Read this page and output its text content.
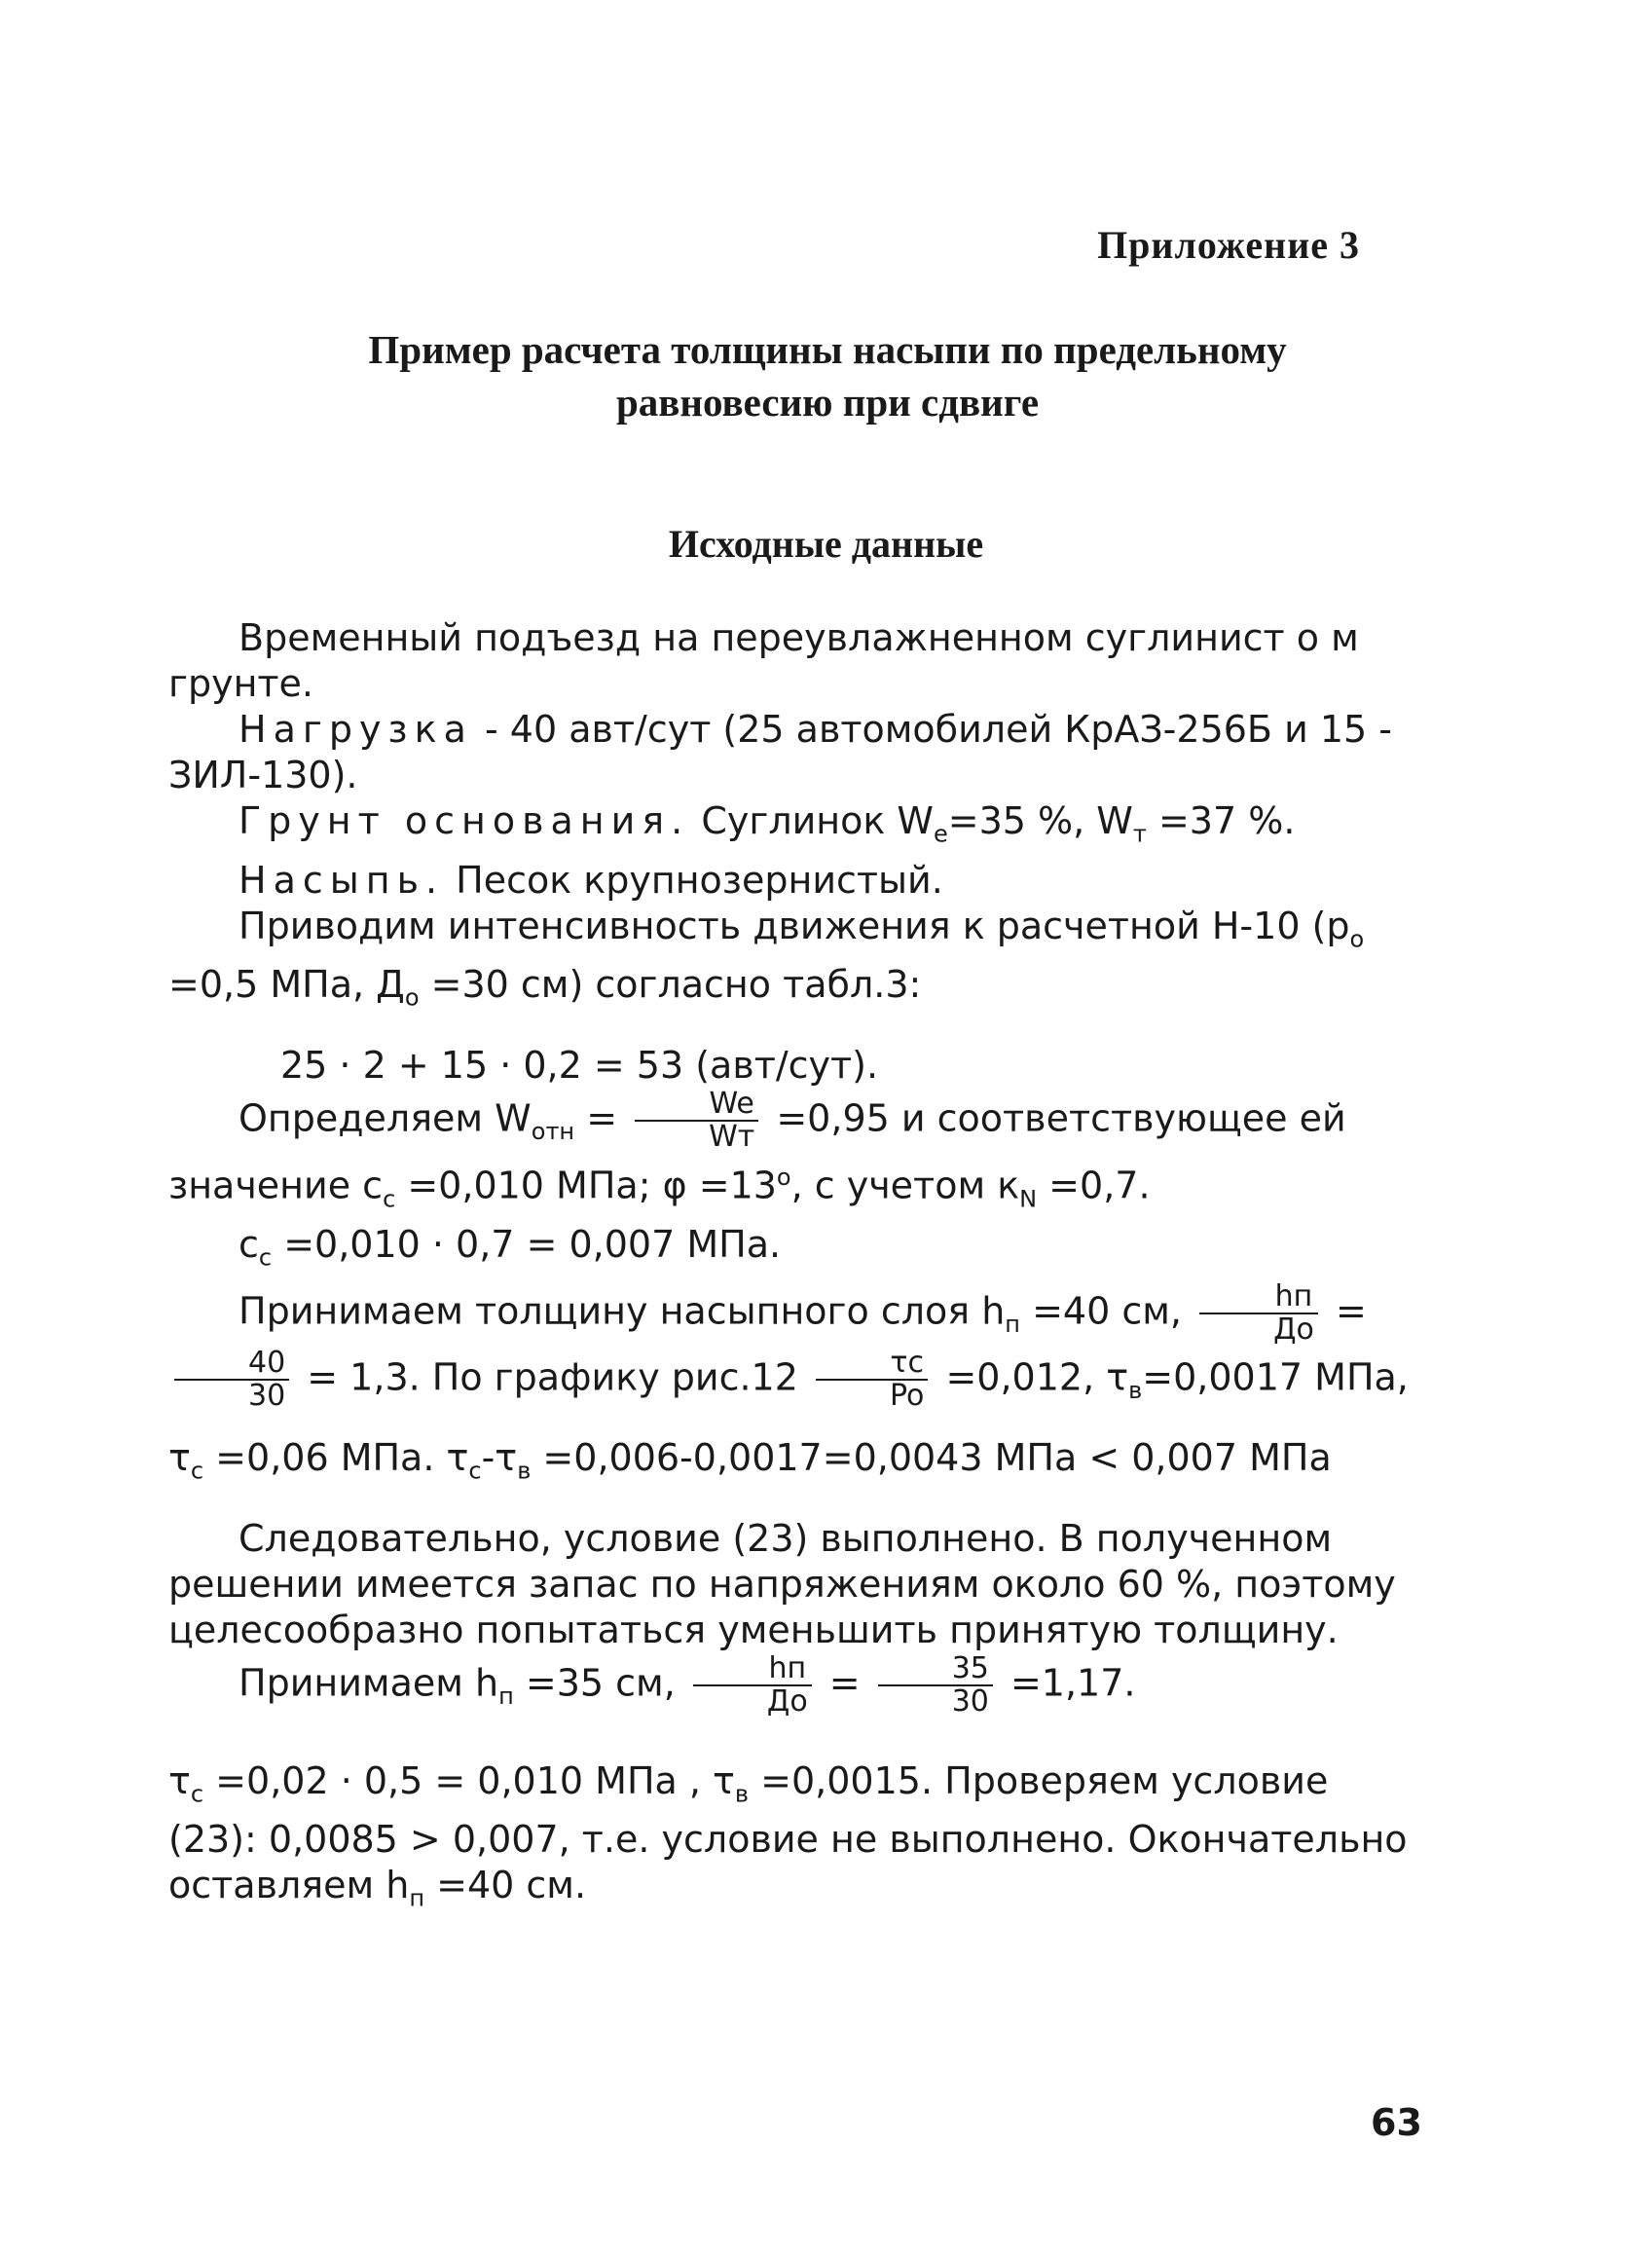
Приложение 3
Пример расчета толщины насыпи по предельному
равновесию при сдвиге
Исходные данные

Временный подъезд на переувлажненном суглинист о м грунте.

Нагрузка - 40 авт/сут (25 автомобилей КрАЗ-256Б и 15 - ЗИЛ-130).

Грунт основания. Суглинок $W_e=35$ %, $W_т =37$ %.

Насыпь. Песок крупнозернистый.

Приводим интенсивность движения к расчетной Н-10 ($p_о =0,5$ МПа, $Д_о =30$ см) согласно табл.3:

25 · 2 + 15 · 0,2 = 53 (авт/сут).

Определяем $W_{отн} = \frac{We}{Wт} =0,95$ и соответствующее ей значение $c_с =0,010$ МПа; $\varphi =13^о$, с учетом $к_N =0,7$.

$c_с =0,010 \cdot 0,7 = 0,007$ МПа.

Принимаем толщину насыпного слоя $h_п =40$ см, $\frac{hп}{Дo}$ =
$\frac{40}{30} = 1,3$. По графику $рис.12 \frac{\tau c}{Po} =0,012$, $\tau_в=0,0017$ МПа,

$\tau_с =0,06$ МПа. $\tau_с-\tau_в =0,006-0,0017=0,0043$ МПа < 0,007 МПа

Следовательно, условие (23) выполнено. В полученном решении имеется запас по напряжениям около 60 %, поэтому целесообразно попытаться уменьшить принятую толщину.

Принимаем $h_п =35$ см, $\frac{hп}{Дo} = \frac{35}{30} =1,17$.

$\tau_с =0,02 \cdot 0,5 = 0,010$ МПа , $\tau_в =0,0015$. Проверяем условие (23): 0,0085 > 0,007, т.е. условие не выполнено. Окончательно оставляем $h_п =40$ см.

63
